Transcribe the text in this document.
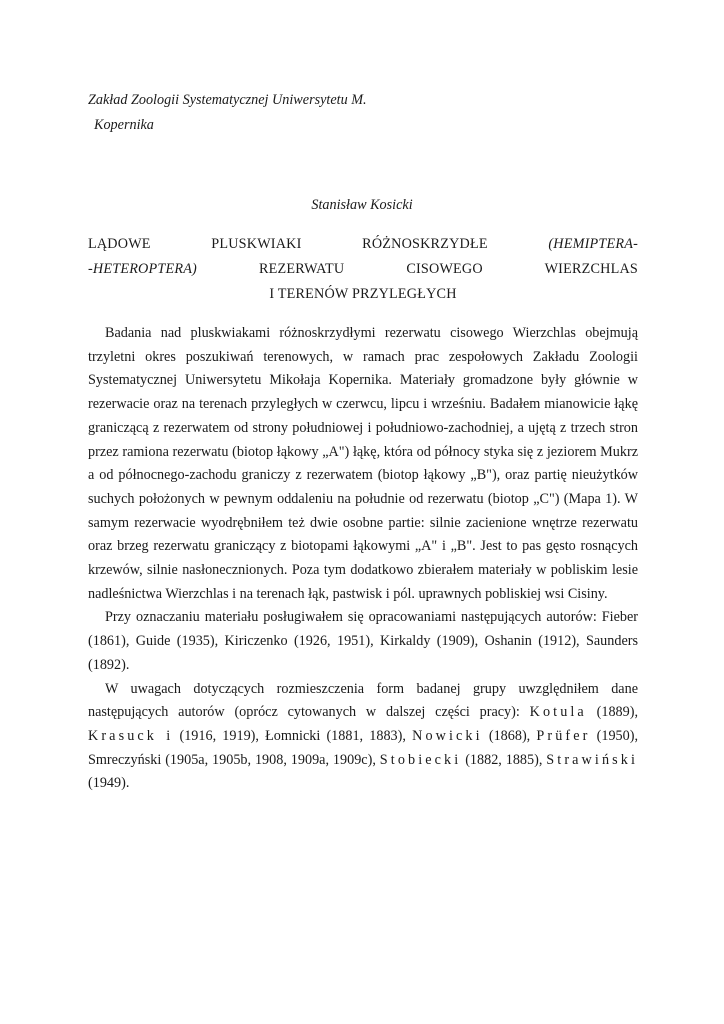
Zakład Zoologii Systematycznej Uniwersytetu M.
Kopernika
Stanisław Kosicki
LĄDOWE PLUSKWIAKI RÓŻNOSKRZYDŁE (HEMIPTERA-
-HETEROPTERA) REZERWATU CISOWEGO WIERZCHLAS
I TERENÓW PRZYLEGŁYCH

Badania nad pluskwiakami różnoskrzydłymi rezerwatu cisowego Wierzchlas obejmują trzyletni okres poszukiwań terenowych, w ramach prac zespołowych Zakładu Zoologii Systematycznej Uniwersytetu Mikołaja Kopernika. Materiały gromadzone były głównie w rezerwacie oraz na terenach przyległych w czerwcu, lipcu i wrześniu. Badałem mianowicie łąkę graniczącą z rezerwatem od strony południowej i południowo-zachodniej, a ujętą z trzech stron przez ramiona rezerwatu (biotop łąkowy „A") łąkę, która od północy styka się z jeziorem Mukrz a od północnego-zachodu graniczy z rezerwatem (biotop łąkowy „B"), oraz partię nieużytków suchych położonych w pewnym oddaleniu na południe od rezerwatu (biotop „C") (Mapa 1). W samym rezerwacie wyodrębniłem też dwie osobne partie: silnie zacienione wnętrze rezerwatu oraz brzeg rezerwatu graniczący z biotopami łąkowymi „A" i „B". Jest to pas gęsto rosnących krzewów, silnie nasłonecznionych. Poza tym dodatkowo zbierałem materiały w pobliskim lesie nadleśnictwa Wierzchlas i na terenach łąk, pastwisk i pól. uprawnych pobliskiej wsi Cisiny.

Przy oznaczaniu materiału posługiwałem się opracowaniami następujących autorów: Fieber (1861), Guide (1935), Kiriczenko (1926, 1951), Kirkaldy (1909), Oshanin (1912), Saunders (1892).

W uwagach dotyczących rozmieszczenia form badanej grupy uwzględniłem dane następujących autorów (oprócz cytowanych w dalszej części pracy): Kotula (1889), Krasuck i (1916, 1919), Łomnicki (1881, 1883), Nowicki (1868), Prüfer (1950), Smreczyński (1905a, 1905b, 1908, 1909a, 1909c), Stobiecki (1882, 1885), Strawiński (1949).
